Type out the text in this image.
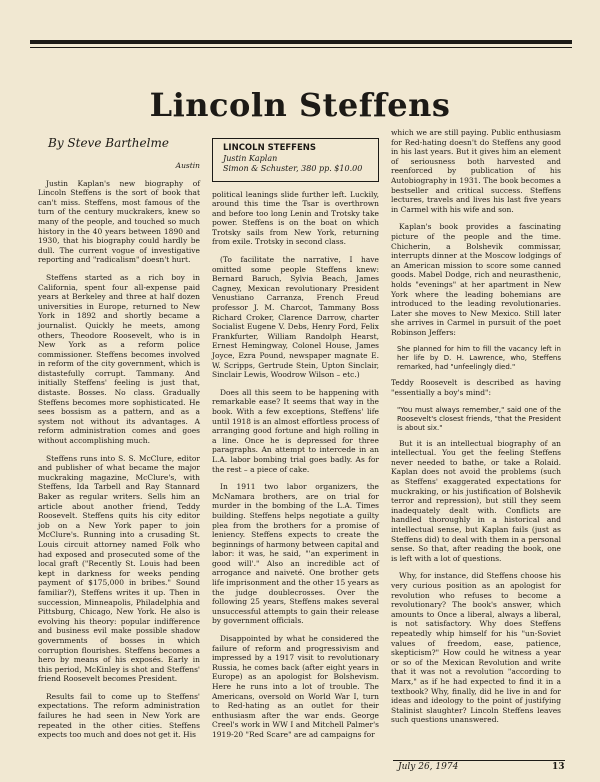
Lincoln Steffens
By Steve Barthelme

Austin

Justin Kaplan's new biography of Lincoln Steffens is the sort of book that can't miss. Steffens, most famous of the turn of the century muckrakers, knew so many of the people, and touched so much history in the 40 years between 1890 and 1930, that his biography could hardly be dull. The current vogue of investigative reporting and "radicalism" doesn't hurt.

Steffens started as a rich boy in California, spent four all-expense paid years at Berkeley and three at half dozen universities in Europe, returned to New York in 1892 and shortly became a journalist. Quickly he meets, among others, Theodore Roosevelt, who is in New York as a reform police commissioner. Steffens becomes involved in reform of the city government, which is distastefully corrupt. Tammany. And initially Steffens' feeling is just that, distaste. Bosses. No class. Gradually Steffens becomes more sophisticated. He sees bossism as a pattern, and as a system not without its advantages. A reform administration comes and goes without accomplishing much.

Steffens runs into S. S. McClure, editor and publisher of what became the major muckraking magazine, McClure's, with Steffens, Ida Tarbell and Ray Stannard Baker as regular writers. Sells him an article about another friend, Teddy Roosevelt. Steffens quits his city editor job on a New York paper to join McClure's. Running into a crusading St. Louis circuit attorney named Folk who had exposed and prosecuted some of the local graft ("Recently St. Louis had been kept in darkness for weeks pending payment of $175,000 in bribes." Sound familiar?), Steffens writes it up. Then in succession, Minneapolis, Philadelphia and Pittsburg, Chicago, New York. He also is evolving his theory: popular indifference and business evil make possible shadow governments of bosses in which corruption flourishes. Steffens becomes a hero by means of his exposés. Early in this period, McKinley is shot and Steffens' friend Roosevelt becomes President.

Results fail to come up to Steffens' expectations. The reform administration failures he had seen in New York are repeated in the other cities. Steffens expects too much and does not get it. His

LINCOLN STEFFENS
Justin Kaplan
Simon & Schuster, 380 pp. $10.00

political leanings slide further left. Luckily, around this time the Tsar is overthrown and before too long Lenin and Trotsky take power. Steffens is on the boat on which Trotsky sails from New York, returning from exile. Trotsky in second class.

(To facilitate the narrative, I have omitted some people Steffens knew: Bernard Baruch, Sylvia Beach, James Cagney, Mexican revolutionary President Venustiano Carranza, French Freud professor J. M. Charcot, Tammany Boss Richard Croker, Clarence Darrow, charter Socialist Eugene V. Debs, Henry Ford, Felix Frankfurter, William Randolph Hearst, Ernest Hemingway, Colonel House, James Joyce, Ezra Pound, newspaper magnate E. W. Scripps, Gertrude Stein, Upton Sinclair, Sinclair Lewis, Woodrow Wilson – etc.)

Does all this seem to be happening with remarkable ease? It seems that way in the book. With a few exceptions, Steffens' life until 1918 is an almost effortless process of arranging good fortune and high rolling in a line. Once he is depressed for three paragraphs. An attempt to intercede in an L.A. labor bombing trial goes badly. As for the rest – a piece of cake.

In 1911 two labor organizers, the McNamara brothers, are on trial for murder in the bombing of the L.A. Times building. Steffens helps negotiate a guilty plea from the brothers for a promise of leniency. Steffens expects to create the beginnings of harmony between capital and labor: it was, he said, "'an experiment in good will'." Also an incredible act of arrogance and naiveté. One brother gets life imprisonment and the other 15 years as the judge doublecrosses. Over the following 25 years, Steffens makes several unsuccessful attempts to gain their release by government officials.

Disappointed by what he considered the failure of reform and progressivism and impressed by a 1917 visit to revolutionary Russia, he comes back (after eight years in Europe) as an apologist for Bolshevism. Here he runs into a lot of trouble. The Americans, oversold on World War I, turn to Red-hating as an outlet for their enthusiasm after the war ends. George Creel's work in WW I and Mitchell Palmer's 1919-20 "Red Scare" are ad campaigns for

which we are still paying. Public enthusiasm for Red-hating doesn't do Steffens any good in his last years. But it gives him an element of seriousness both harvested and reenforced by publication of his Autobiography in 1931. The book becomes a bestseller and critical success. Steffens lectures, travels and lives his last five years in Carmel with his wife and son.

Kaplan's book provides a fascinating picture of the people and the time. Chicherin, a Bolshevik commissar, interrupts dinner at the Moscow lodgings of an American mission to score some canned goods. Mabel Dodge, rich and neurasthenic, holds "evenings" at her apartment in New York where the leading bohemians are introduced to the leading revolutionaries. Later she moves to New Mexico. Still later she arrives in Carmel in pursuit of the poet Robinson Jeffers:

She planned for him to fill the vacancy left in her life by D. H. Lawrence, who, Steffens remarked, had "unfeelingly died."

Teddy Roosevelt is described as having "essentially a boy's mind":

"You must always remember," said one of the Roosevelt's closest friends, "that the President is about six."

But it is an intellectual biography of an intellectual. You get the feeling Steffens never needed to bathe, or take a Rolaid. Kaplan does not avoid the problems (such as Steffens' exaggerated expectations for muckraking, or his justification of Bolshevik terror and repression), but still they seem inadequately dealt with. Conflicts are handled thoroughly in a historical and intellectual sense, but Kaplan fails (just as Steffens did) to deal with them in a personal sense. So that, after reading the book, one is left with a lot of questions.

Why, for instance, did Steffens choose his very curious position as an apologist for revolution who refuses to become a revolutionary? The book's answer, which amounts to Once a liberal, always a liberal, is not satisfactory. Why does Steffens repeatedly whip himself for his "un-Soviet values of freedom, ease, patience, skepticism?" How could he witness a year or so of the Mexican Revolution and write that it was not a revolution "according to Marx," as if he had expected to find it in a textbook? Why, finally, did he live in and for ideas and ideology to the point of justifying Stalinist slaughter? Lincoln Steffens leaves such questions unanswered.

July 26, 1974	13
